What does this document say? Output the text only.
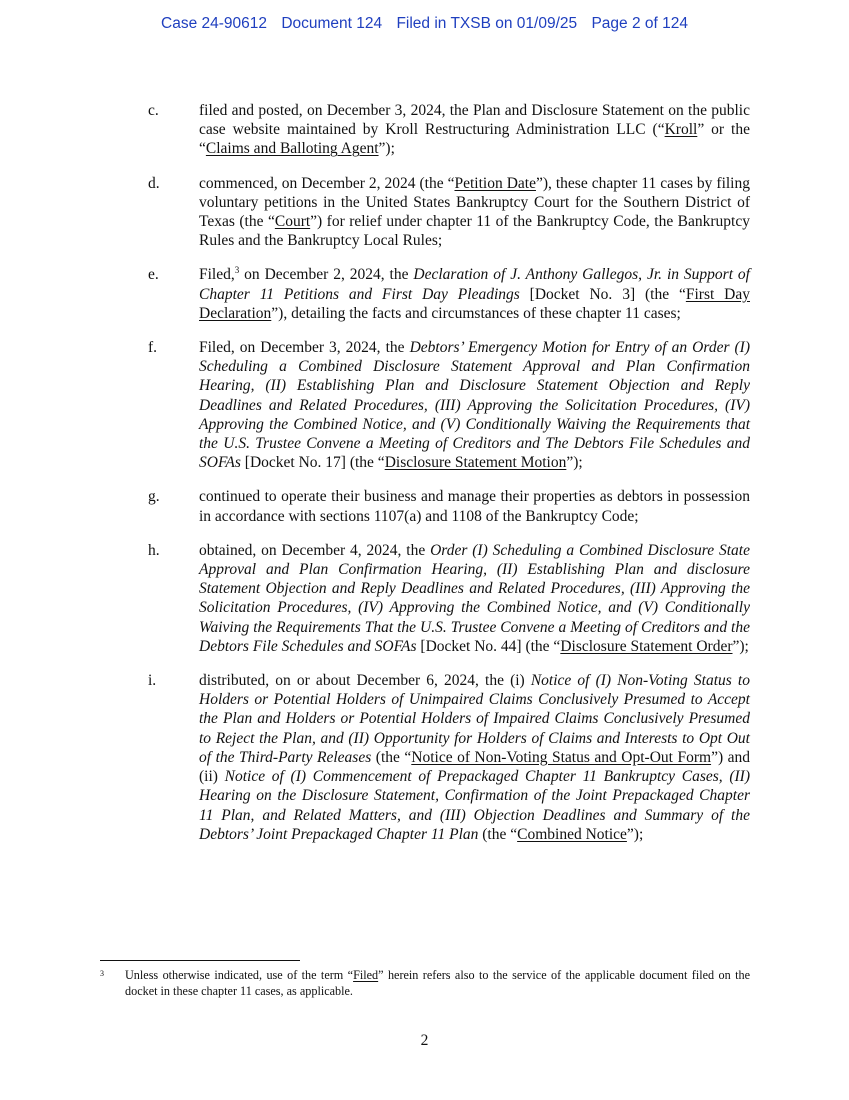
Case 24-90612 Document 124 Filed in TXSB on 01/09/25 Page 2 of 124
c.	filed and posted, on December 3, 2024, the Plan and Disclosure Statement on the public case website maintained by Kroll Restructuring Administration LLC (“Kroll” or the “Claims and Balloting Agent”);
d.	commenced, on December 2, 2024 (the “Petition Date”), these chapter 11 cases by filing voluntary petitions in the United States Bankruptcy Court for the Southern District of Texas (the “Court”) for relief under chapter 11 of the Bankruptcy Code, the Bankruptcy Rules and the Bankruptcy Local Rules;
e.	Filed,$^3$ on December 2, 2024, the Declaration of J. Anthony Gallegos, Jr. in Support of Chapter 11 Petitions and First Day Pleadings [Docket No. 3] (the “First Day Declaration”), detailing the facts and circumstances of these chapter 11 cases;
f.	Filed, on December 3, 2024, the Debtors’ Emergency Motion for Entry of an Order (I) Scheduling a Combined Disclosure Statement Approval and Plan Confirmation Hearing, (II) Establishing Plan and Disclosure Statement Objection and Reply Deadlines and Related Procedures, (III) Approving the Solicitation Procedures, (IV) Approving the Combined Notice, and (V) Conditionally Waiving the Requirements that the U.S. Trustee Convene a Meeting of Creditors and The Debtors File Schedules and SOFAs [Docket No. 17] (the “Disclosure Statement Motion”);
g.	continued to operate their business and manage their properties as debtors in possession in accordance with sections 1107(a) and 1108 of the Bankruptcy Code;
h.	obtained, on December 4, 2024, the Order (I) Scheduling a Combined Disclosure State Approval and Plan Confirmation Hearing, (II) Establishing Plan and disclosure Statement Objection and Reply Deadlines and Related Procedures, (III) Approving the Solicitation Procedures, (IV) Approving the Combined Notice, and (V) Conditionally Waiving the Requirements That the U.S. Trustee Convene a Meeting of Creditors and the Debtors File Schedules and SOFAs [Docket No. 44] (the “Disclosure Statement Order”);
i.	distributed, on or about December 6, 2024, the (i) Notice of (I) Non-Voting Status to Holders or Potential Holders of Unimpaired Claims Conclusively Presumed to Accept the Plan and Holders or Potential Holders of Impaired Claims Conclusively Presumed to Reject the Plan, and (II) Opportunity for Holders of Claims and Interests to Opt Out of the Third-Party Releases (the “Notice of Non-Voting Status and Opt-Out Form”) and (ii) Notice of (I) Commencement of Prepackaged Chapter 11 Bankruptcy Cases, (II) Hearing on the Disclosure Statement, Confirmation of the Joint Prepackaged Chapter 11 Plan, and Related Matters, and (III) Objection Deadlines and Summary of the Debtors’ Joint Prepackaged Chapter 11 Plan (the “Combined Notice”);
3	Unless otherwise indicated, use of the term “Filed” herein refers also to the service of the applicable document filed on the docket in these chapter 11 cases, as applicable.
2
